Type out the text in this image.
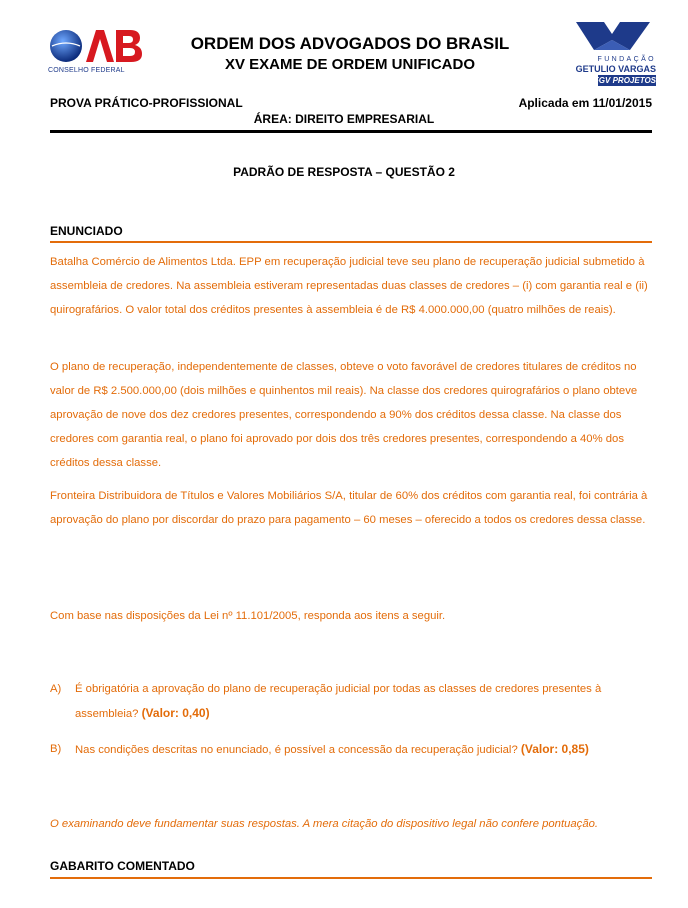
CONSELHO FEDERAL
ORDEM DOS ADVOGADOS DO BRASIL
XV EXAME DE ORDEM UNIFICADO	FUNDAÇÃO
GETULIO VARGAS
FGV PROJETOS
PROVA PRÁTICO-PROFISSIONAL	Aplicada em 11/01/2015
ÁREA: DIREITO EMPRESARIAL
PADRÃO DE RESPOSTA – QUESTÃO 2
ENUNCIADO
Batalha Comércio de Alimentos Ltda. EPP em recuperação judicial teve seu plano de recuperação judicial submetido à assembleia de credores. Na assembleia estiveram representadas duas classes de credores – (i) com garantia real e (ii) quirografários. O valor total dos créditos presentes à assembleia é de R$ 4.000.000,00 (quatro milhões de reais).
O plano de recuperação, independentemente de classes, obteve o voto favorável de credores titulares de créditos no valor de R$ 2.500.000,00 (dois milhões e quinhentos mil reais). Na classe dos credores quirografários o plano obteve aprovação de nove dos dez credores presentes, correspondendo a 90% dos créditos dessa classe. Na classe dos credores com garantia real, o plano foi aprovado por dois dos três credores presentes, correspondendo a 40% dos créditos dessa classe.
Fronteira Distribuidora de Títulos e Valores Mobiliários S/A, titular de 60% dos créditos com garantia real, foi contrária à aprovação do plano por discordar do prazo para pagamento – 60 meses – oferecido a todos os credores dessa classe.
Com base nas disposições da Lei nº 11.101/2005, responda aos itens a seguir.
A) É obrigatória a aprovação do plano de recuperação judicial por todas as classes de credores presentes à assembleia? (Valor: 0,40)
B) Nas condições descritas no enunciado, é possível a concessão da recuperação judicial? (Valor: 0,85)
O examinando deve fundamentar suas respostas. A mera citação do dispositivo legal não confere pontuação.
GABARITO COMENTADO
